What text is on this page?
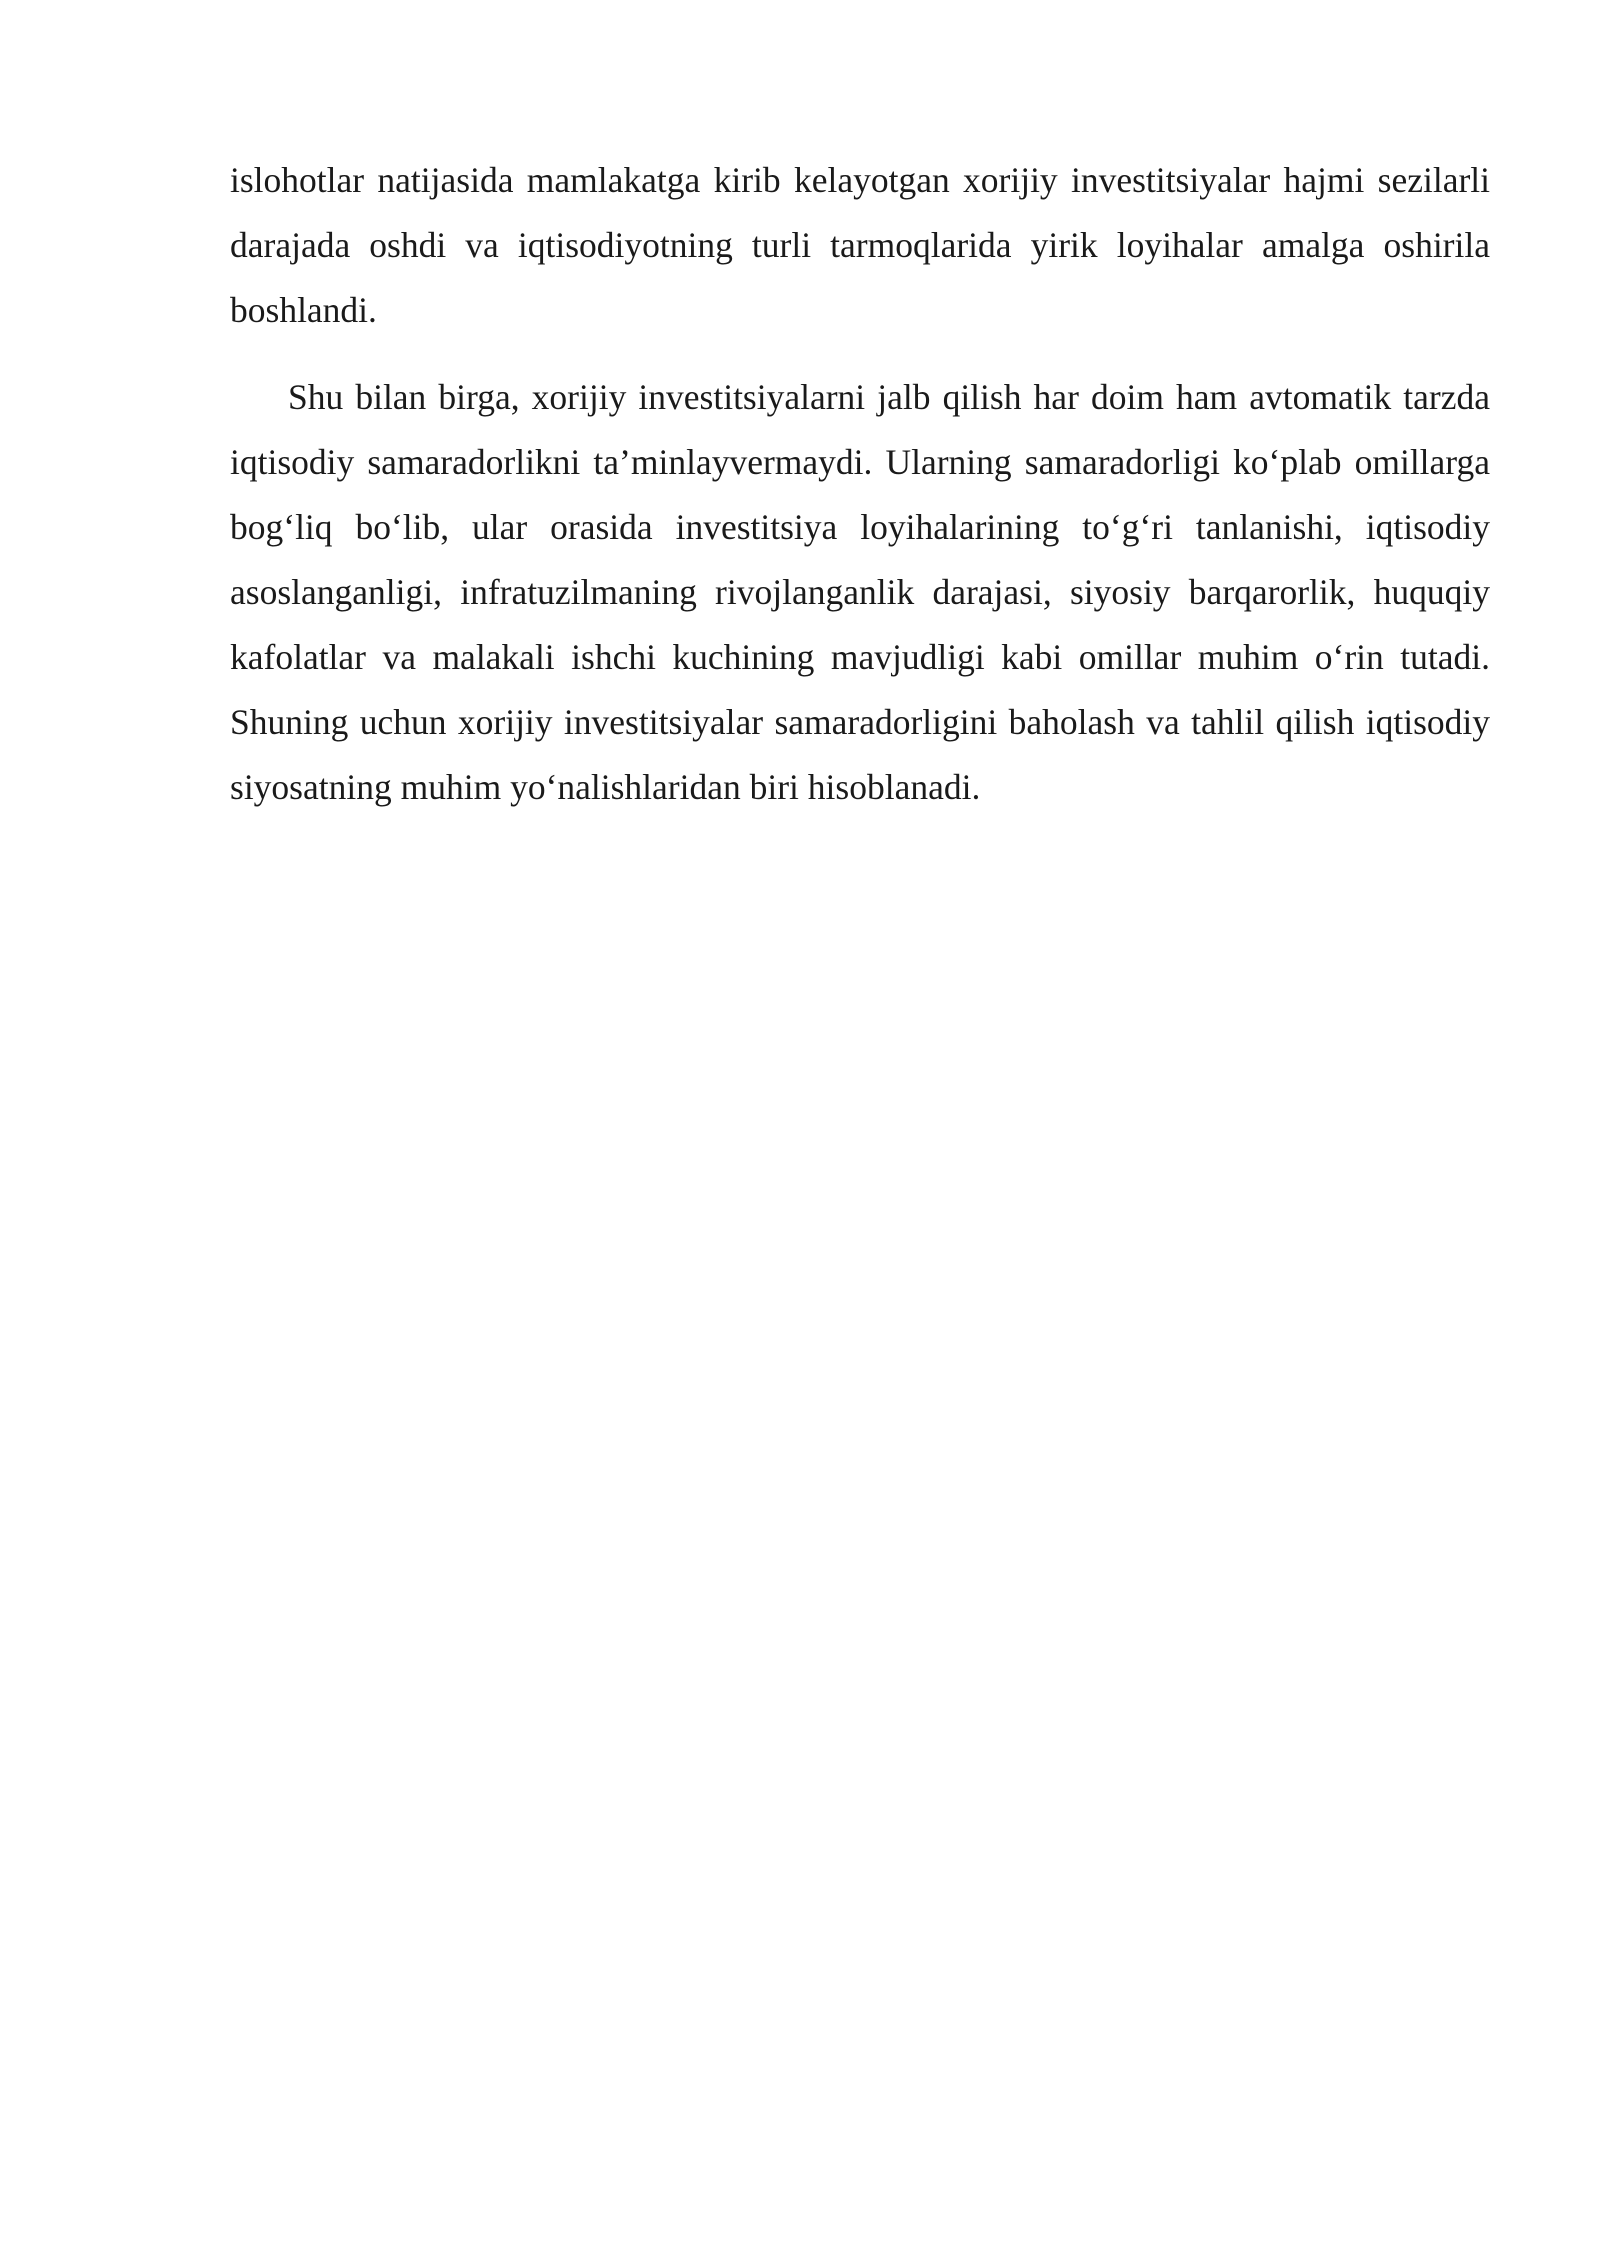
islohotlar natijasida mamlakatga kirib kelayotgan xorijiy investitsiyalar hajmi sezilarli darajada oshdi va iqtisodiyotning turli tarmoqlarida yirik loyihalar amalga oshirila boshlandi.

Shu bilan birga, xorijiy investitsiyalarni jalb qilish har doim ham avtomatik tarzda iqtisodiy samaradorlikni ta’minlayvermaydi. Ularning samaradorligi ko‘plab omillarga bog‘liq bo‘lib, ular orasida investitsiya loyihalarining to‘g‘ri tanlanishi, iqtisodiy asoslanganligi, infratuzilmaning rivojlanganlik darajasi, siyosiy barqarorlik, huquqiy kafolatlar va malakali ishchi kuchining mavjudligi kabi omillar muhim o‘rin tutadi. Shuning uchun xorijiy investitsiyalar samaradorligini baholash va tahlil qilish iqtisodiy siyosatning muhim yo‘nalishlaridan biri hisoblanadi.
